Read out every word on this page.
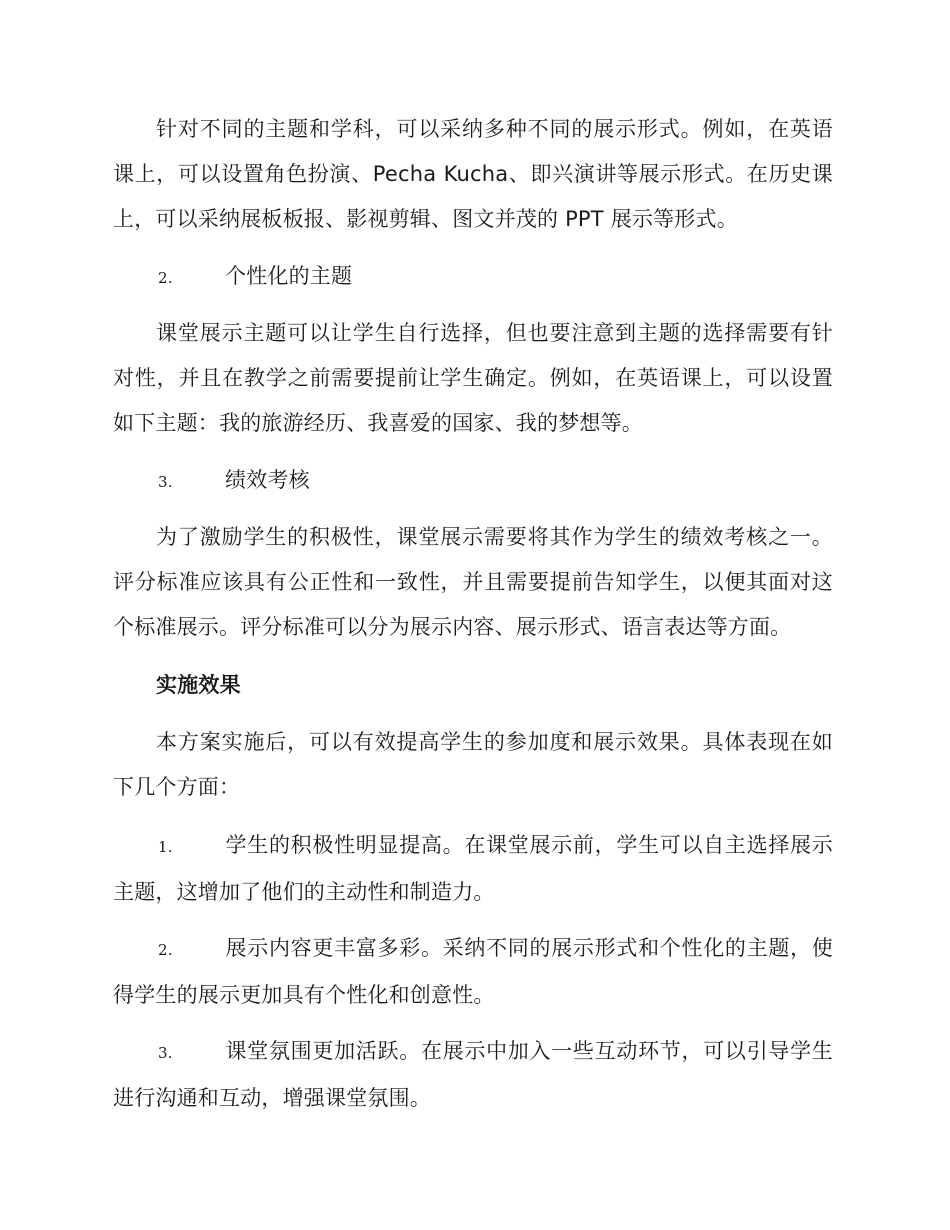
针对不同的主题和学科，可以采纳多种不同的展示形式。例如，在英语课上，可以设置角色扮演、Pecha Kucha、即兴演讲等展示形式。在历史课上，可以采纳展板板报、影视剪辑、图文并茂的 PPT 展示等形式。

2. 个性化的主题

课堂展示主题可以让学生自行选择，但也要注意到主题的选择需要有针对性，并且在教学之前需要提前让学生确定。例如，在英语课上，可以设置如下主题：我的旅游经历、我喜爱的国家、我的梦想等。

3. 绩效考核

为了激励学生的积极性，课堂展示需要将其作为学生的绩效考核之一。评分标准应该具有公正性和一致性，并且需要提前告知学生，以便其面对这个标准展示。评分标准可以分为展示内容、展示形式、语言表达等方面。

实施效果

本方案实施后，可以有效提高学生的参加度和展示效果。具体表现在如下几个方面：

1. 学生的积极性明显提高。在课堂展示前，学生可以自主选择展示主题，这增加了他们的主动性和制造力。

2. 展示内容更丰富多彩。采纳不同的展示形式和个性化的主题，使得学生的展示更加具有个性化和创意性。

3. 课堂氛围更加活跃。在展示中加入一些互动环节，可以引导学生进行沟通和互动，增强课堂氛围。
